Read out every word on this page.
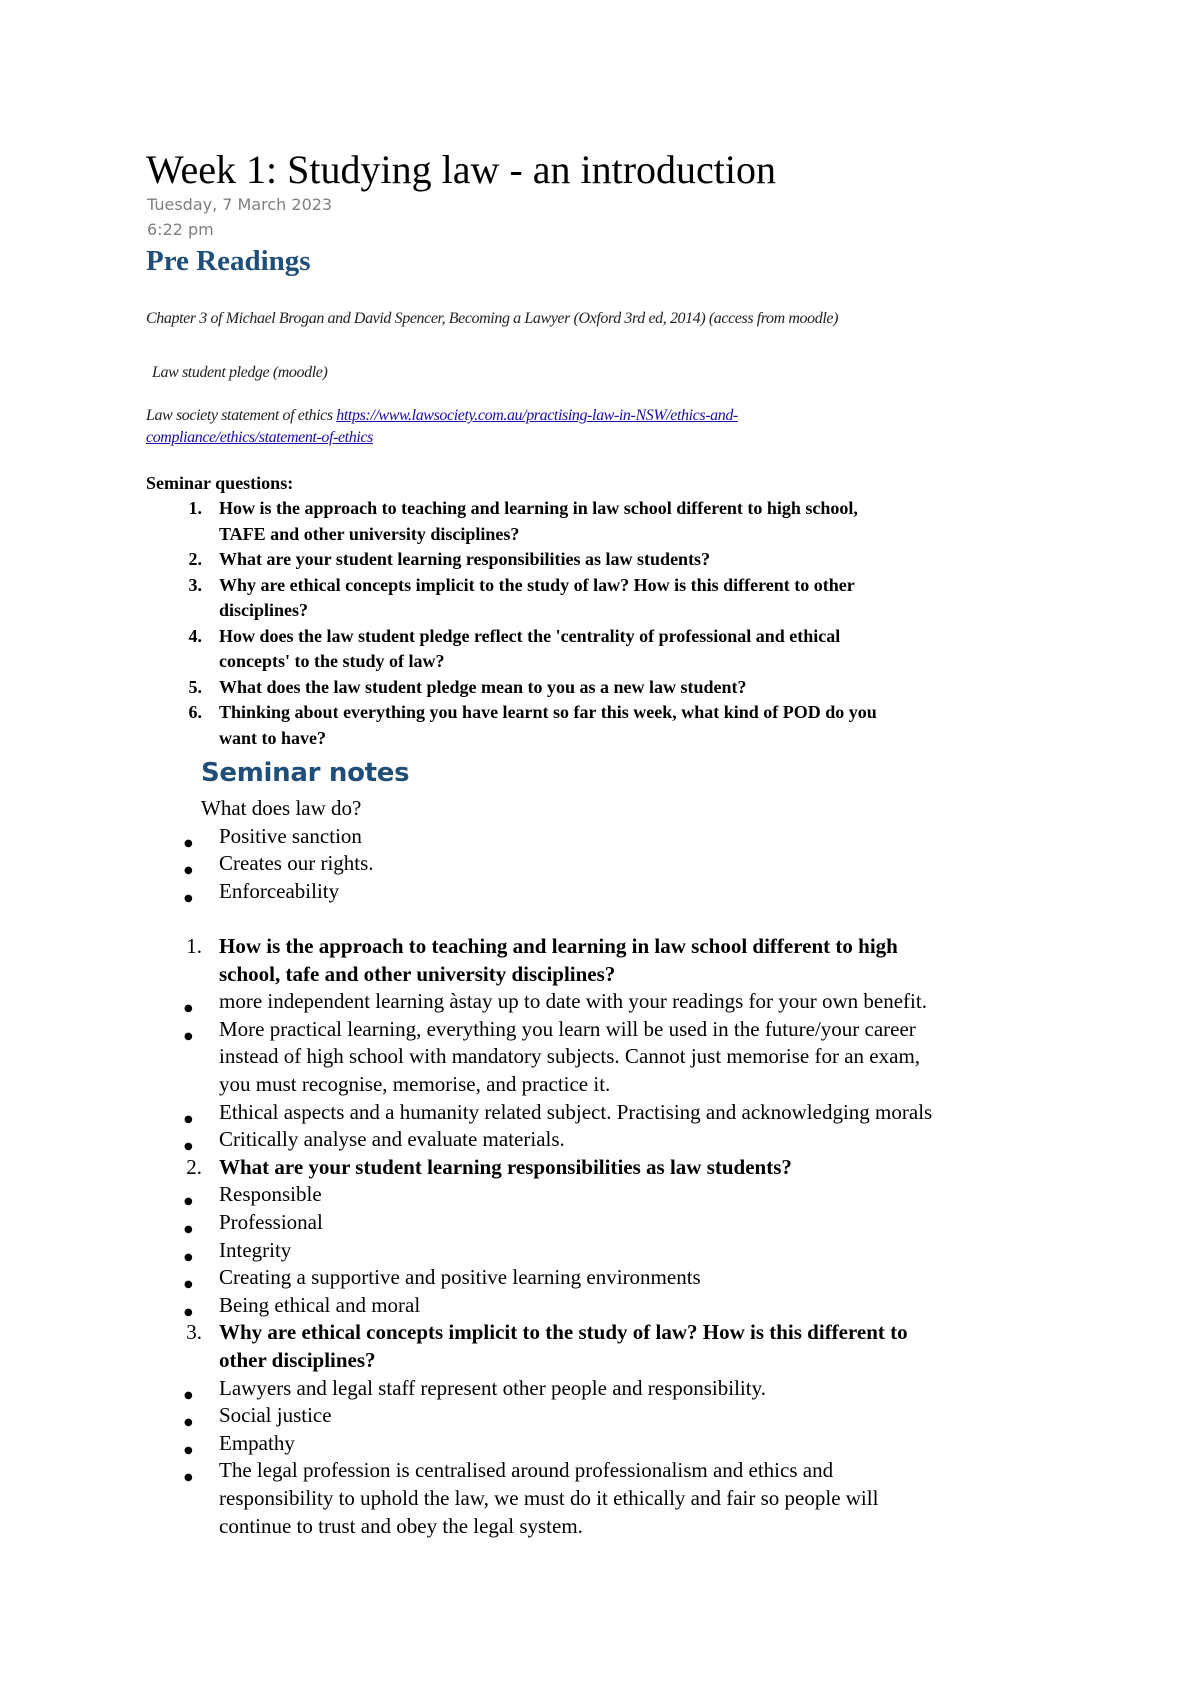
Week 1: Studying law - an introduction
Tuesday, 7 March 2023
6:22 pm
Pre Readings
Chapter 3 of Michael Brogan and David Spencer, Becoming a Lawyer (Oxford 3rd ed, 2014) (access from moodle)
Law student pledge (moodle)
Law society statement of ethics https://www.lawsociety.com.au/practising-law-in-NSW/ethics-and-
compliance/ethics/statement-of-ethics
Seminar questions:
1. How is the approach to teaching and learning in law school different to high school,
TAFE and other university disciplines?
2. What are your student learning responsibilities as law students?
3. Why are ethical concepts implicit to the study of law? How is this different to other
disciplines?
4. How does the law student pledge reflect the 'centrality of professional and ethical
concepts' to the study of law?
5. What does the law student pledge mean to you as a new law student?
6. Thinking about everything you have learnt so far this week, what kind of POD do you
want to have?
Seminar notes
What does law do?
● Positive sanction
● Creates our rights.
● Enforceability
1. How is the approach to teaching and learning in law school different to high
school, tafe and other university disciplines?
● more independent learning àstay up to date with your readings for your own benefit.
● More practical learning, everything you learn will be used in the future/your career
instead of high school with mandatory subjects. Cannot just memorise for an exam,
you must recognise, memorise, and practice it.
● Ethical aspects and a humanity related subject. Practising and acknowledging morals
● Critically analyse and evaluate materials.
2. What are your student learning responsibilities as law students?
● Responsible
● Professional
● Integrity
● Creating a supportive and positive learning environments
● Being ethical and moral
3. Why are ethical concepts implicit to the study of law? How is this different to
other disciplines?
● Lawyers and legal staff represent other people and responsibility.
● Social justice
● Empathy
● The legal profession is centralised around professionalism and ethics and
responsibility to uphold the law, we must do it ethically and fair so people will
continue to trust and obey the legal system.
